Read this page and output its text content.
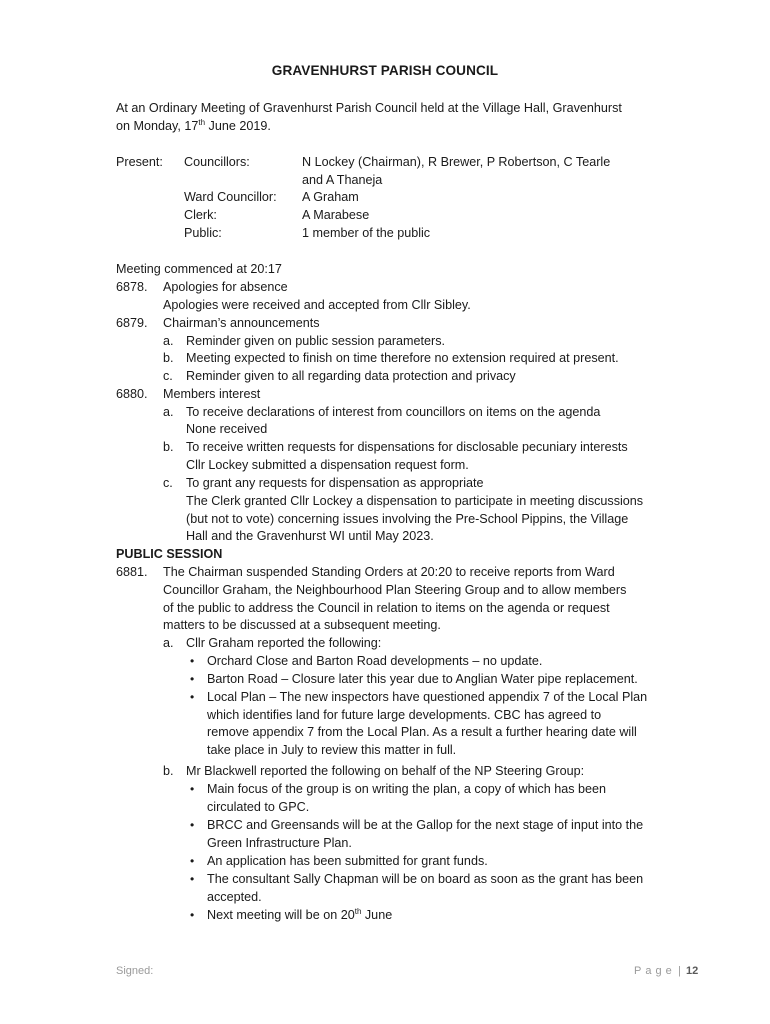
GRAVENHURST PARISH COUNCIL
At an Ordinary Meeting of Gravenhurst Parish Council held at the Village Hall, Gravenhurst
on Monday, 17th June 2019.
Present: Councillors:	N Lockey (Chairman), R Brewer, P Robertson, C Tearle
and A Thaneja
Ward Councillor: A Graham
Clerk:	A Marabese
Public:	1 member of the public
Meeting commenced at 20:17
6878. Apologies for absence
Apologies were received and accepted from Cllr Sibley.
6879. Chairman’s announcements
a. Reminder given on public session parameters.
b. Meeting expected to finish on time therefore no extension required at present.
c. Reminder given to all regarding data protection and privacy
6880. Members interest
a. To receive declarations of interest from councillors on items on the agenda
None received
b. To receive written requests for dispensations for disclosable pecuniary interests
Cllr Lockey submitted a dispensation request form.
c. To grant any requests for dispensation as appropriate
The Clerk granted Cllr Lockey a dispensation to participate in meeting discussions
(but not to vote) concerning issues involving the Pre-School Pippins, the Village
Hall and the Gravenhurst WI until May 2023.
PUBLIC SESSION
6881. The Chairman suspended Standing Orders at 20:20 to receive reports from Ward
Councillor Graham, the Neighbourhood Plan Steering Group and to allow members
of the public to address the Council in relation to items on the agenda or request
matters to be discussed at a subsequent meeting.
a. Cllr Graham reported the following:
• Orchard Close and Barton Road developments – no update.
• Barton Road – Closure later this year due to Anglian Water pipe replacement.
• Local Plan – The new inspectors have questioned appendix 7 of the Local Plan
which identifies land for future large developments. CBC has agreed to
remove appendix 7 from the Local Plan. As a result a further hearing date will
take place in July to review this matter in full.
b. Mr Blackwell reported the following on behalf of the NP Steering Group:
• Main focus of the group is on writing the plan, a copy of which has been
circulated to GPC.
• BRCC and Greensands will be at the Gallop for the next stage of input into the
Green Infrastructure Plan.
• An application has been submitted for grant funds.
• The consultant Sally Chapman will be on board as soon as the grant has been
accepted.
• Next meeting will be on 20th June
Signed:	Page | 12
